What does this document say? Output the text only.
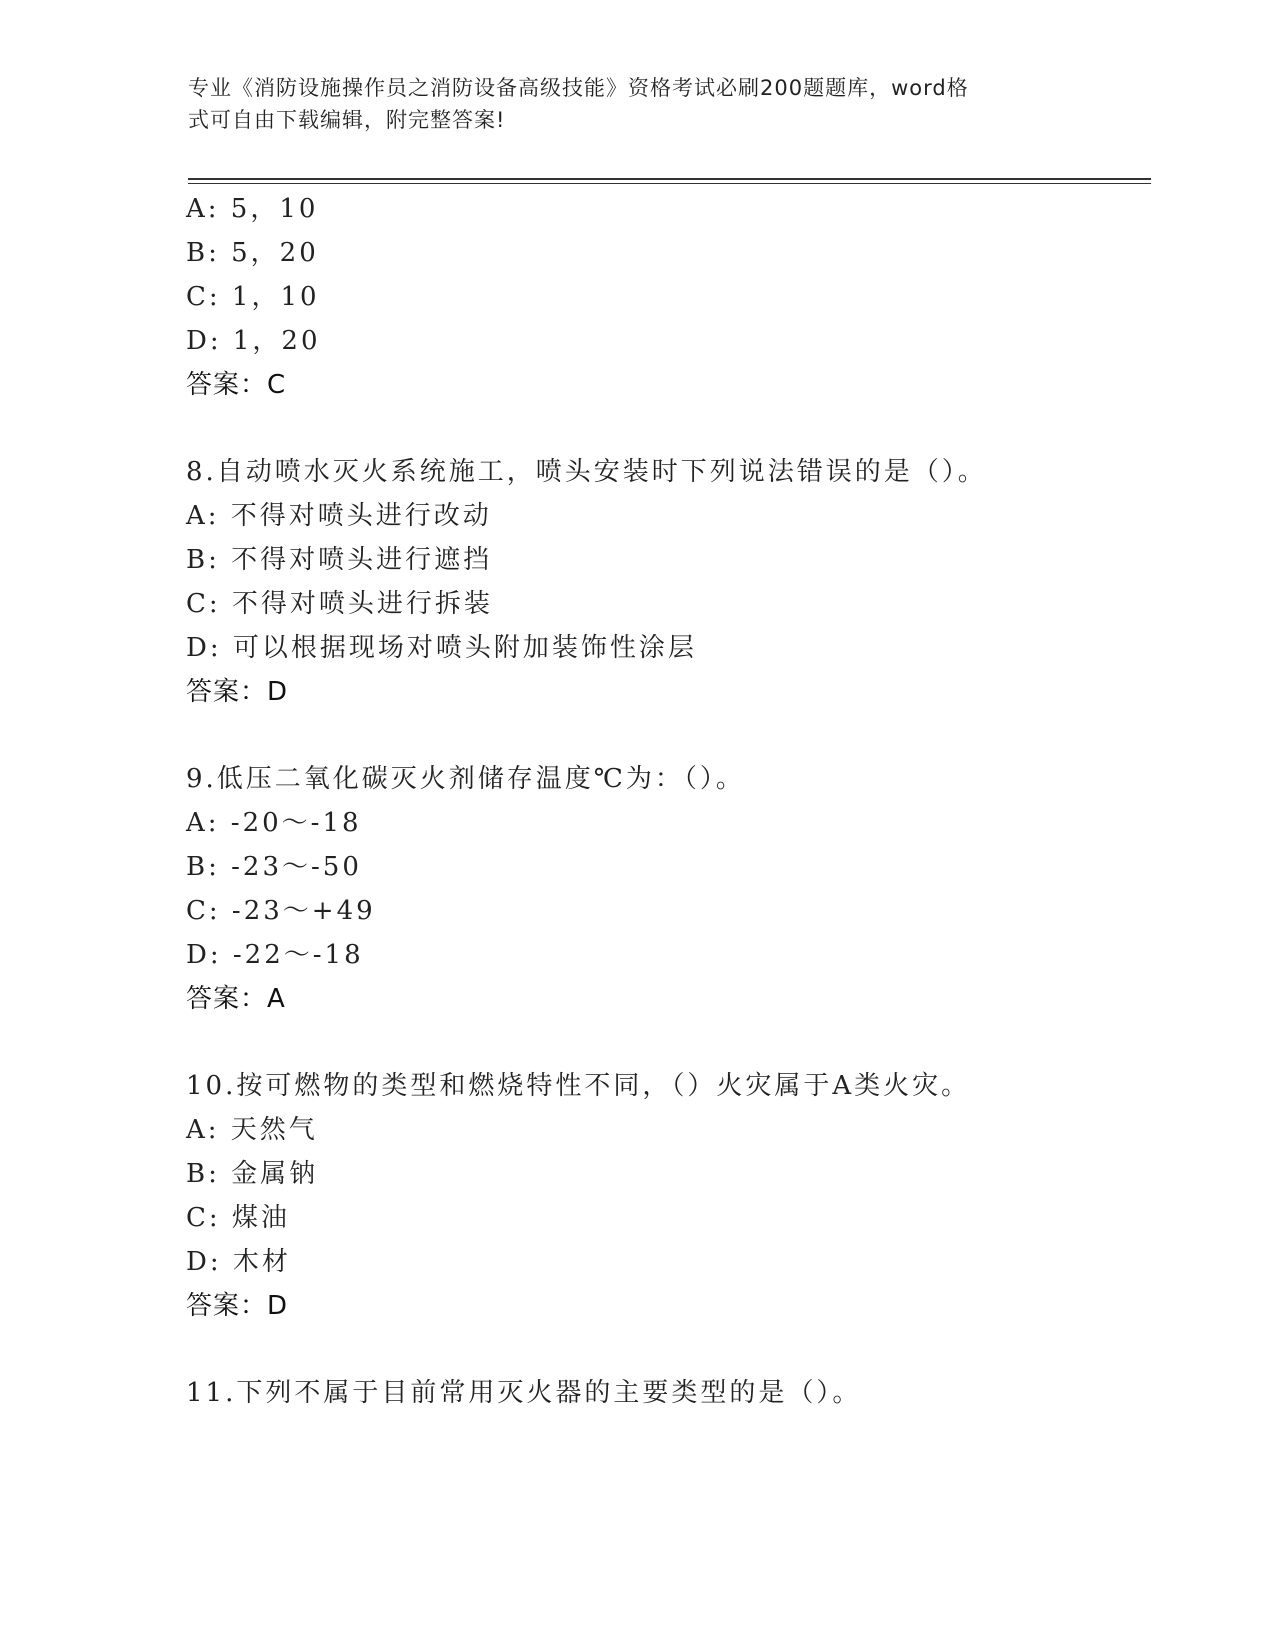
专业《消防设施操作员之消防设备高级技能》资格考试必刷200题题库，word格
式可自由下载编辑，附完整答案!
A: 5，10
B: 5，20
C: 1，10
D: 1，20
答案：C
8.自动喷水灭火系统施工，喷头安装时下列说法错误的是（）。
A: 不得对喷头进行改动
B: 不得对喷头进行遮挡
C: 不得对喷头进行拆装
D: 可以根据现场对喷头附加装饰性涂层
答案：D
9.低压二氧化碳灭火剂储存温度℃为：（）。
A: -20～-18
B: -23～-50
C: -23～+49
D: -22～-18
答案：A
10.按可燃物的类型和燃烧特性不同，（）火灾属于A类火灾。
A: 天然气
B: 金属钠
C: 煤油
D: 木材
答案：D
11.下列不属于目前常用灭火器的主要类型的是（）。
